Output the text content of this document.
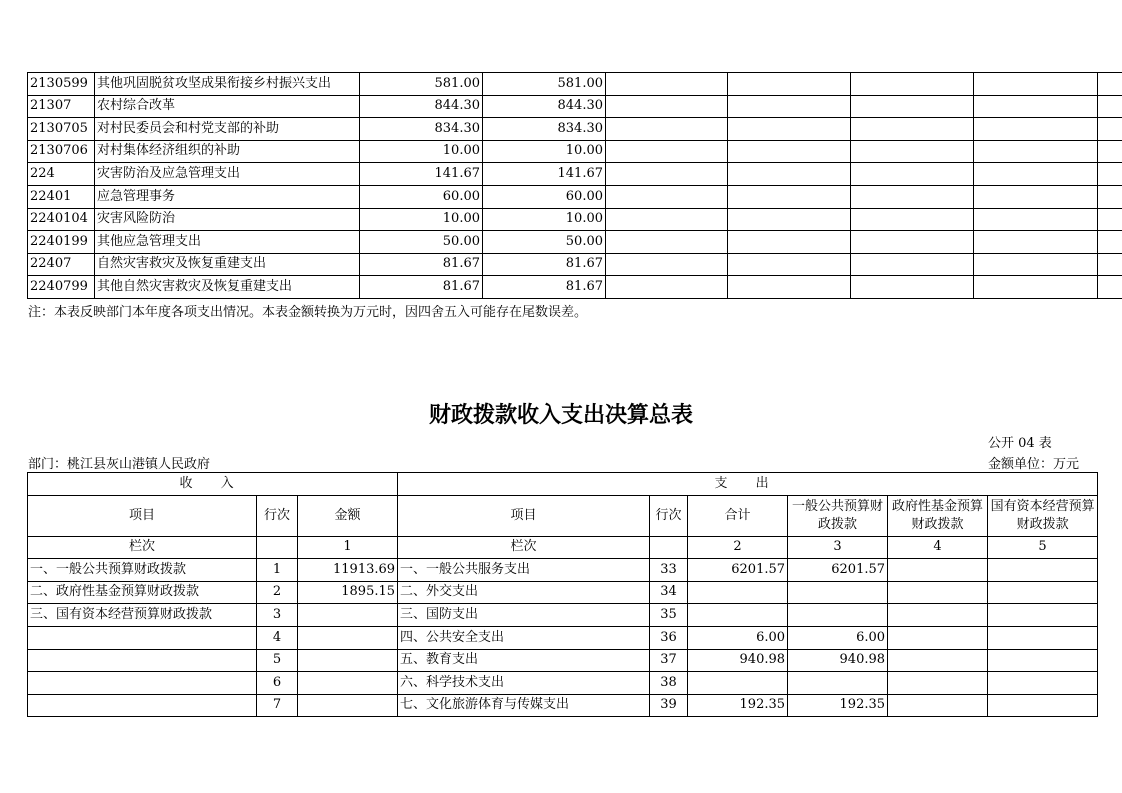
2130599	其他巩固脱贫攻坚成果衔接乡村振兴支出	581.00	581.00					
21307	农村综合改革	844.30	844.30					
2130705	对村民委员会和村党支部的补助	834.30	834.30					
2130706	对村集体经济组织的补助	10.00	10.00					
224	灾害防治及应急管理支出	141.67	141.67					
22401	应急管理事务	60.00	60.00					
2240104	灾害风险防治	10.00	10.00					
2240199	其他应急管理支出	50.00	50.00					
22407	自然灾害救灾及恢复重建支出	81.67	81.67					
2240799	其他自然灾害救灾及恢复重建支出	81.67	81.67					
注：本表反映部门本年度各项支出情况。本表金额转换为万元时，因四舍五入可能存在尾数误差。
财政拨款收入支出决算总表
公开 04 表
部门：桃江县灰山港镇人民政府	金额单位：万元
收 入			支 出					
项目	行次	金额	项目	行次	合计	一般公共预算财政拨款	政府性基金预算财政拨款	国有资本经营预算财政拨款
栏次		1	栏次		2	3	4	5
一、一般公共预算财政拨款	1	11913.69	一、一般公共服务支出	33	6201.57	6201.57		
二、政府性基金预算财政拨款	2	1895.15	二、外交支出	34				
三、国有资本经营预算财政拨款	3		三、国防支出	35				
	4		四、公共安全支出	36	6.00	6.00		
	5		五、教育支出	37	940.98	940.98		
	6		六、科学技术支出	38				
	7		七、文化旅游体育与传媒支出	39	192.35	192.35		
